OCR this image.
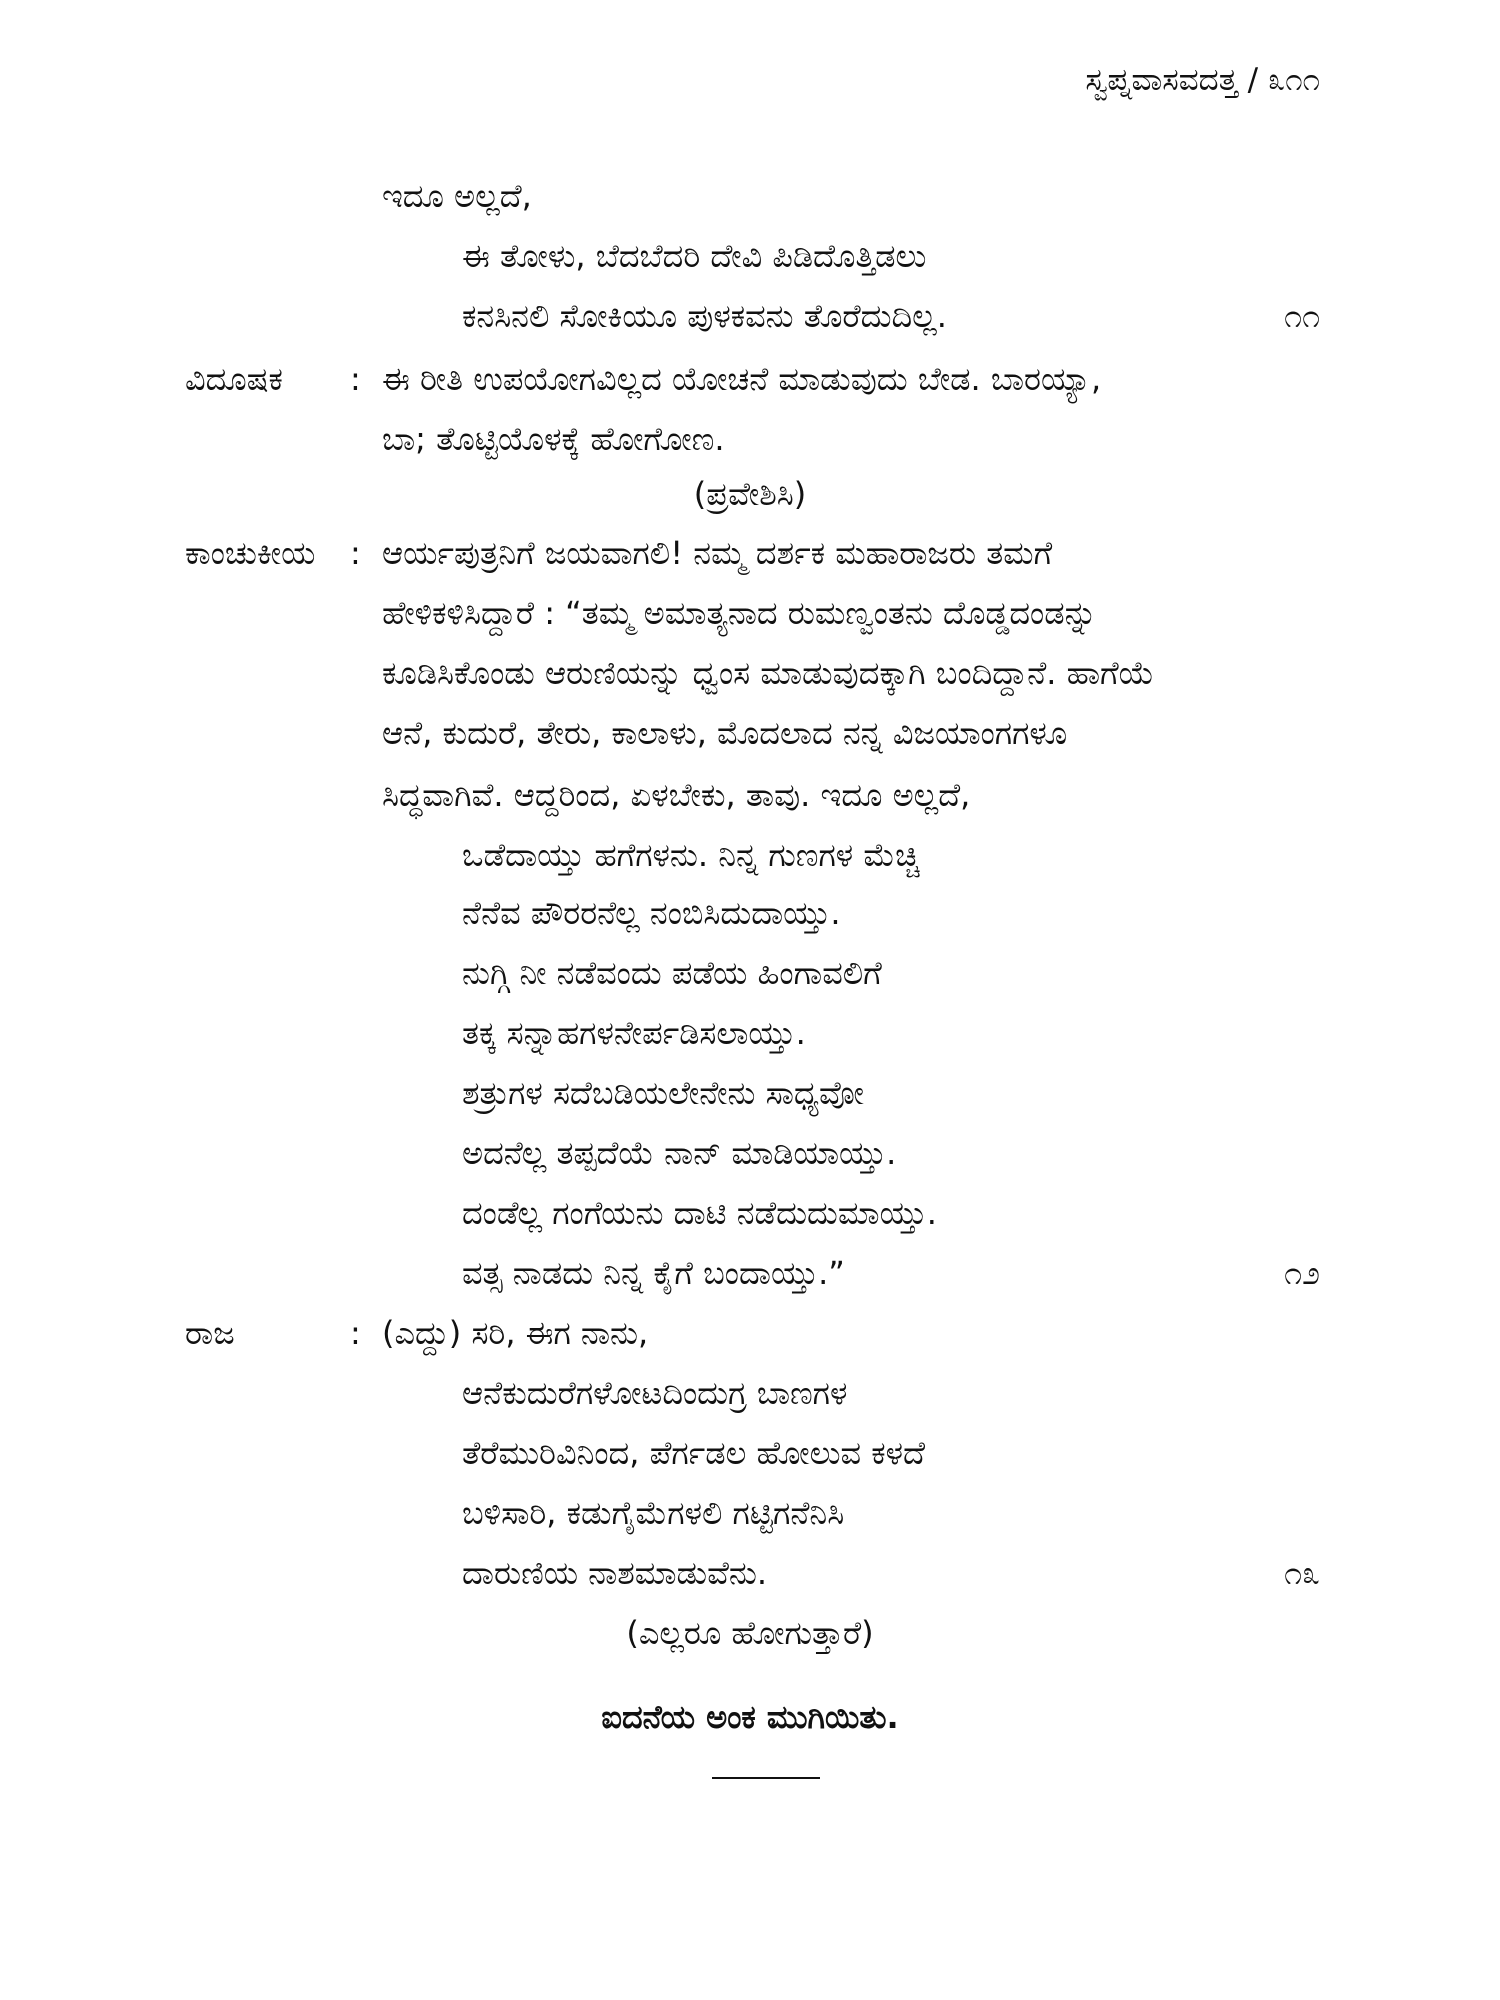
ಸ್ವಪ್ನವಾಸವದತ್ತ / ೩೧೧
ಇದೂ ಅಲ್ಲದೆ,
ಈ ತೋಳು, ಬೆದಬೆದರಿ ದೇವಿ ಪಿಡಿದೊತ್ತಿಡಲು
ಕನಸಿನಲಿ ಸೋಕಿಯೂ ಪುಳಕವನು ತೊರೆದುದಿಲ್ಲ.	೧೧
ವಿದೂಷಕ : ಈ ರೀತಿ ಉಪಯೋಗವಿಲ್ಲದ ಯೋಚನೆ ಮಾಡುವುದು ಬೇಡ. ಬಾರಯ್ಯಾ,
ಬಾ; ತೊಟ್ಟಿಯೊಳಕ್ಕೆ ಹೋಗೋಣ.
(ಪ್ರವೇಶಿಸಿ)
ಕಾಂಚುಕೀಯ : ಆರ್ಯಪುತ್ರನಿಗೆ ಜಯವಾಗಲಿ! ನಮ್ಮ ದರ್ಶಕ ಮಹಾರಾಜರು ತಮಗೆ
ಹೇಳಿಕಳಿಸಿದ್ದಾರೆ : “ತಮ್ಮ ಅಮಾತ್ಯನಾದ ರುಮಣ್ವಂತನು ದೊಡ್ಡದಂಡನ್ನು
ಕೂಡಿಸಿಕೊಂಡು ಆರುಣಿಯನ್ನು ಧ್ವಂಸ ಮಾಡುವುದಕ್ಕಾಗಿ ಬಂದಿದ್ದಾನೆ. ಹಾಗೆಯೆ
ಆನೆ, ಕುದುರೆ, ತೇರು, ಕಾಲಾಳು, ಮೊದಲಾದ ನನ್ನ ವಿಜಯಾಂಗಗಳೂ
ಸಿದ್ಧವಾಗಿವೆ. ಆದ್ದರಿಂದ, ಏಳಬೇಕು, ತಾವು. ಇದೂ ಅಲ್ಲದೆ,
ಒಡೆದಾಯ್ತು ಹಗೆಗಳನು. ನಿನ್ನ ಗುಣಗಳ ಮೆಚ್ಚಿ
ನೆನೆವ ಪೌರರನೆಲ್ಲ ನಂಬಿಸಿದುದಾಯ್ತು.
ನುಗ್ಗಿ ನೀ ನಡೆವಂದು ಪಡೆಯ ಹಿಂಗಾವಲಿಗೆ
ತಕ್ಕ ಸನ್ನಾಹಗಳನೇರ್ಪಡಿಸಲಾಯ್ತು.
ಶತ್ರುಗಳ ಸದೆಬಡಿಯಲೇನೇನು ಸಾಧ್ಯವೋ
ಅದನೆಲ್ಲ ತಪ್ಪದೆಯೆ ನಾನ್ ಮಾಡಿಯಾಯ್ತು.
ದಂಡೆಲ್ಲ ಗಂಗೆಯನು ದಾಟಿ ನಡೆದುದುಮಾಯ್ತು.
ವತ್ಸ ನಾಡದು ನಿನ್ನ ಕೈಗೆ ಬಂದಾಯ್ತು.”	೧೨
ರಾಜ	: (ಎದ್ದು) ಸರಿ, ಈಗ ನಾನು,
ಆನೆಕುದುರೆಗಳೋಟದಿಂದುಗ್ರ ಬಾಣಗಳ
ತೆರೆಮುರಿವಿನಿಂದ, ಪೆರ್ಗಡಲ ಹೋಲುವ ಕಳದೆ
ಬಳಿಸಾರಿ, ಕಡುಗೈಮೆಗಳಲಿ ಗಟ್ಟಿಗನೆನಿಸಿ
ದಾರುಣಿಯ ನಾಶಮಾಡುವೆನು.	೧೩
(ಎಲ್ಲರೂ ಹೋಗುತ್ತಾರೆ)
ಐದನೆಯ ಅಂಕ ಮುಗಿಯಿತು.
